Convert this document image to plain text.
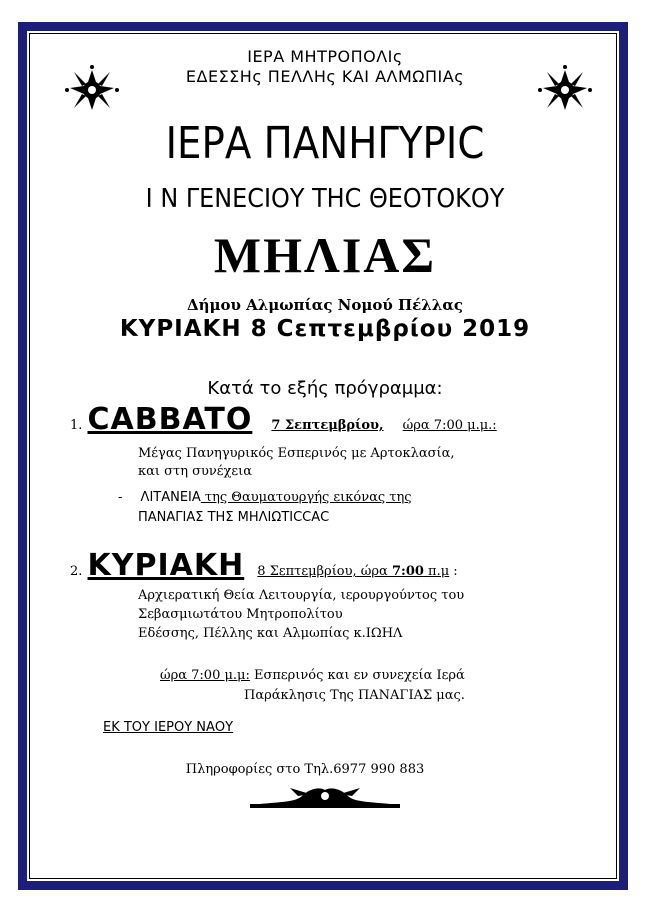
ΙΕΡΑ ΜΗΤΡΟΠΟΛΙς
ΕΔΕΣΣΗς ΠΕΛΛΗς ΚΑΙ ΑΛΜΩΠΙΑς
ΙΕΡΑ ΠΑΝΗΓΥΡΙC
Ι Ν ΓΕΝΕCΙΟΥ ΤΗC ΘΕΟΤΟΚΟΥ
ΜΗΛΙΑΣ
Δήμου Αλμωπίας Νομού Πέλλας
ΚΥΡΙΑΚΗ 8 Cεπτεμβρίου 2019
Κατά το εξής πρόγραμμα:
1. CABBATO 7 Σεπτεμβρίου, ώρα 7:00 μ.μ.:
Μέγας Πανηγυρικός Εσπερινός με Αρτοκλασία,
και στη συνέχεια
- ΛΙΤΑΝΕΙΑ της Θαυματουργής εικόνας της
ΠΑΝΑΓΙΑΣ ΤΗΣ ΜΗΛΙΩΤΙCCΑC
2. ΚΥΡΙΑΚΗ 8 Σεπτεμβρίου, ώρα 7:00 π.μ :
Αρχιερατική Θεία Λειτουργία, ιερουργούντος του
Σεβασμιωτάτου Μητροπολίτου
Εδέσσης, Πέλλης και Αλμωπίας κ.ΙΩΗΛ
ώρα 7:00 μ.μ: Εσπερινός και εν συνεχεία Ιερά
Παράκλησις Της ΠΑΝΑΓΙΑΣ μας.
ΕΚ ΤΟΥ ΙΕΡΟΥ ΝΑΟΥ
Πληροφορίες στο Τηλ.6977 990 883
